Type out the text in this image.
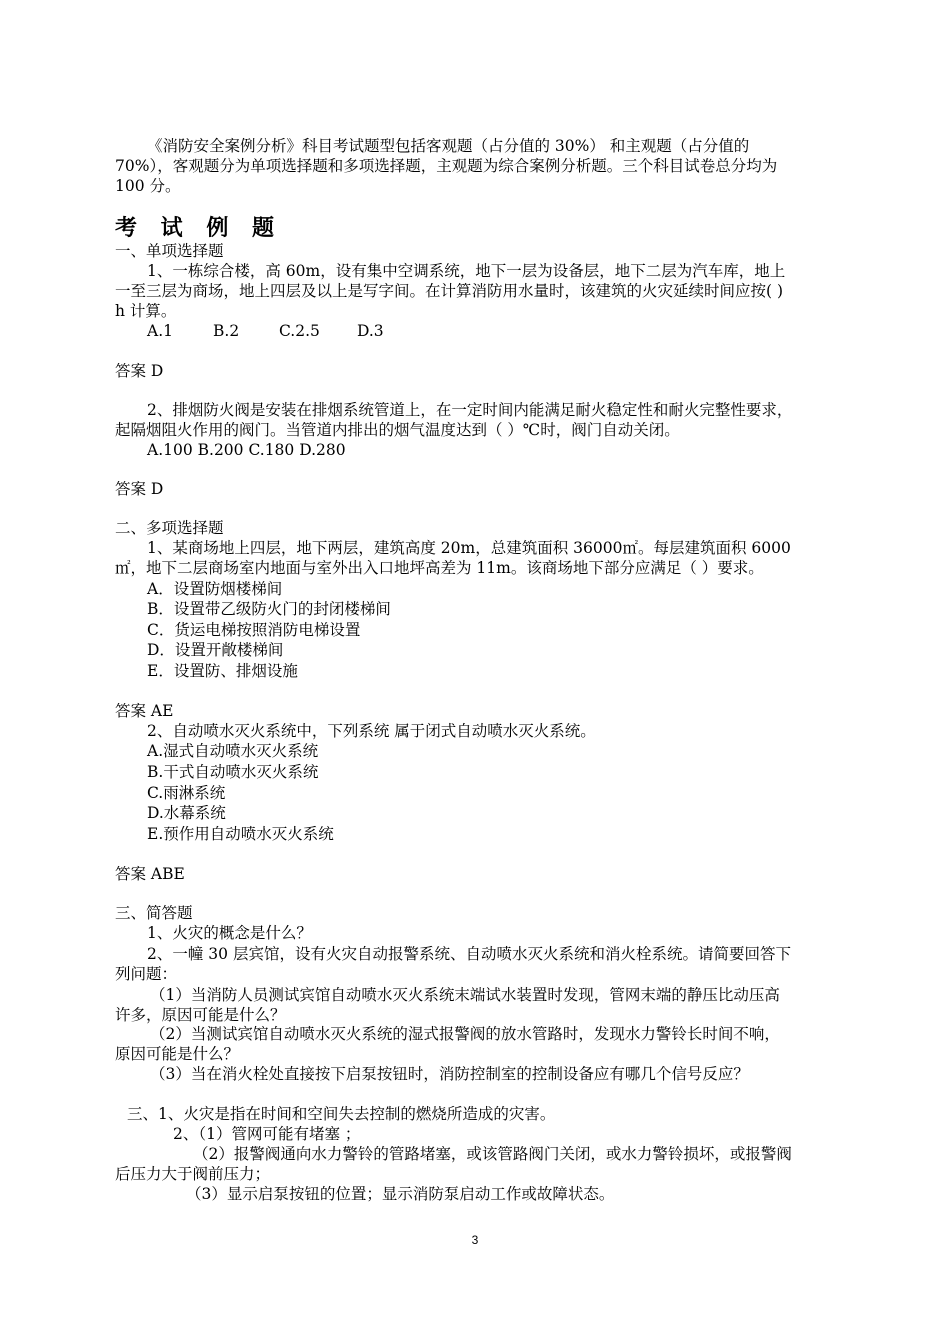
《消防安全案例分析》科目考试题型包括客观题（占分值的 30%） 和主观题（占分值的
70%），客观题分为单项选择题和多项选择题，主观题为综合案例分析题。三个科目试卷总分均为
100 分。
考 试 例 题
一、单项选择题
1、一栋综合楼，高 60m，设有集中空调系统，地下一层为设备层，地下二层为汽车库，地上
一至三层为商场，地上四层及以上是写字间。在计算消防用水量时，该建筑的火灾延续时间应按( )
h 计算。
A.1	B.2	C.2.5 D.3
答案 D
2、排烟防火阀是安装在排烟系统管道上，在一定时间内能满足耐火稳定性和耐火完整性要求，
起隔烟阻火作用的阀门。当管道内排出的烟气温度达到（ ）℃时，阀门自动关闭。
A.100 B.200 C.180 D.280
答案 D
二、多项选择题
1、某商场地上四层，地下两层，建筑高度 20m，总建筑面积 36000㎡。每层建筑面积 6000
㎡，地下二层商场室内地面与室外出入口地坪高差为 11m。该商场地下部分应满足（ ）要求。
A．设置防烟楼梯间
B．设置带乙级防火门的封闭楼梯间
C．货运电梯按照消防电梯设置
D．设置开敞楼梯间
E．设置防、排烟设施
答案 AE
2、自动喷水灭火系统中，下列系统 属于闭式自动喷水灭火系统。
A.湿式自动喷水灭火系统
B.干式自动喷水灭火系统
C.雨淋系统
D.水幕系统
E.预作用自动喷水灭火系统
答案 ABE
三、简答题
1、火灾的概念是什么？
2、一幢 30 层宾馆，设有火灾自动报警系统、自动喷水灭火系统和消火栓系统。请简要回答下
列问题：
（1）当消防人员测试宾馆自动喷水灭火系统末端试水装置时发现，管网末端的静压比动压高
许多，原因可能是什么？
（2）当测试宾馆自动喷水灭火系统的湿式报警阀的放水管路时，发现水力警铃长时间不响，
原因可能是什么？
（3）当在消火栓处直接按下启泵按钮时，消防控制室的控制设备应有哪几个信号反应？
三、1、火灾是指在时间和空间失去控制的燃烧所造成的灾害。
2、（1）管网可能有堵塞 ；
（2）报警阀通向水力警铃的管路堵塞，或该管路阀门关闭，或水力警铃损坏，或报警阀
后压力大于阀前压力；
（3）显示启泵按钮的位置；显示消防泵启动工作或故障状态。
3
